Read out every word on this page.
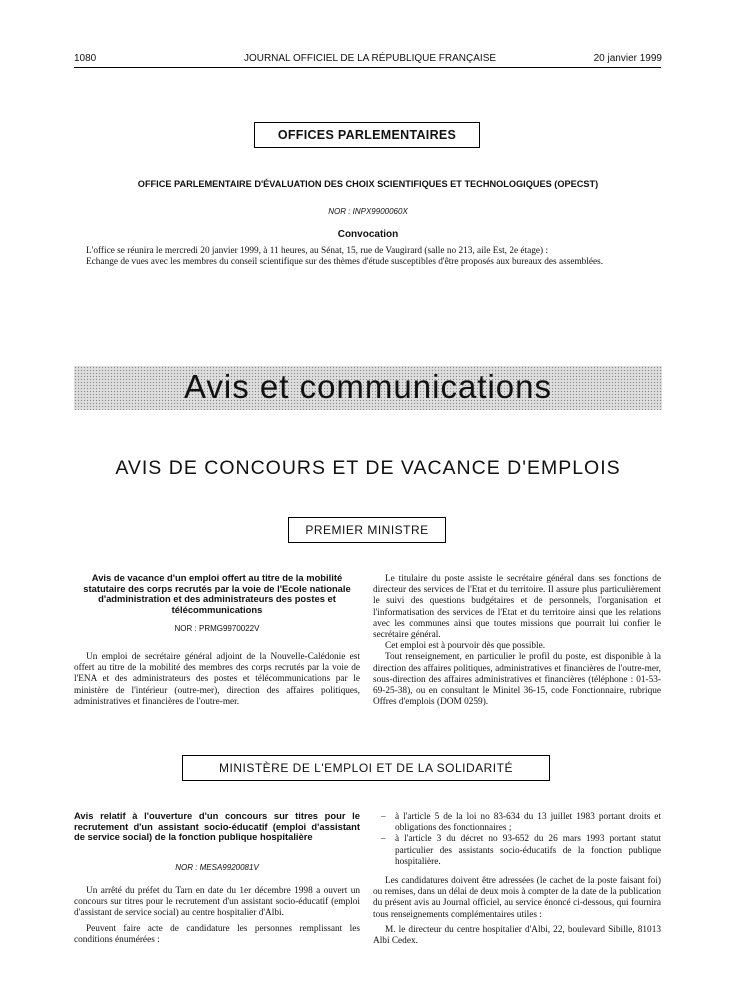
1080	JOURNAL OFFICIEL DE LA RÉPUBLIQUE FRANÇAISE	20 janvier 1999
OFFICES PARLEMENTAIRES
OFFICE PARLEMENTAIRE D'ÉVALUATION DES CHOIX SCIENTIFIQUES ET TECHNOLOGIQUES (OPECST)
NOR : INPX9900060X
Convocation

L'office se réunira le mercredi 20 janvier 1999, à 11 heures, au Sénat, 15, rue de Vaugirard (salle no 213, aile Est, 2e étage) :

Echange de vues avec les membres du conseil scientifique sur des thèmes d'étude susceptibles d'être proposés aux bureaux des assemblées.

Avis et communications
AVIS DE CONCOURS ET DE VACANCE D'EMPLOIS
PREMIER MINISTRE
Avis de vacance d'un emploi offert au titre de la mobilité statutaire des corps recrutés par la voie de l'Ecole nationale d'administration et des administrateurs des postes et télécommunications
NOR : PRMG9970022V

Un emploi de secrétaire général adjoint de la Nouvelle-Calédonie est offert au titre de la mobilité des membres des corps recrutés par la voie de l'ENA et des administrateurs des postes et télécommunications par le ministère de l'intérieur (outre-mer), direction des affaires politiques, administratives et financières de l'outre-mer.

Le titulaire du poste assiste le secrétaire général dans ses fonctions de directeur des services de l'Etat et du territoire. Il assure plus particulièrement le suivi des questions budgétaires et de personnels, l'organisation et l'informatisation des services de l'Etat et du territoire ainsi que les relations avec les communes ainsi que toutes missions que pourrait lui confier le secrétaire général.

Cet emploi est à pourvoir dès que possible.

Tout renseignement, en particulier le profil du poste, est disponible à la direction des affaires politiques, administratives et financières de l'outre-mer, sous-direction des affaires administratives et financières (téléphone : 01-53-69-25-38), ou en consultant le Minitel 36-15, code Fonctionnaire, rubrique Offres d'emplois (DOM 0259).

MINISTÈRE DE L'EMPLOI ET DE LA SOLIDARITÉ
Avis relatif à l'ouverture d'un concours sur titres pour le recrutement d'un assistant socio-éducatif (emploi d'assistant de service social) de la fonction publique hospitalière
NOR : MESA9920081V

Un arrêté du préfet du Tarn en date du 1er décembre 1998 a ouvert un concours sur titres pour le recrutement d'un assistant socio-éducatif (emploi d'assistant de service social) au centre hospitalier d'Albi.

Peuvent faire acte de candidature les personnes remplissant les conditions énumérées :

– à l'article 5 de la loi no 83-634 du 13 juillet 1983 portant droits et obligations des fonctionnaires ;
– à l'article 3 du décret no 93-652 du 26 mars 1993 portant statut particulier des assistants socio-éducatifs de la fonction publique hospitalière.

Les candidatures doivent être adressées (le cachet de la poste faisant foi) ou remises, dans un délai de deux mois à compter de la date de la publication du présent avis au Journal officiel, au service énoncé ci-dessous, qui fournira tous renseignements complémentaires utiles :

M. le directeur du centre hospitalier d'Albi, 22, boulevard Sibille, 81013 Albi Cedex.
